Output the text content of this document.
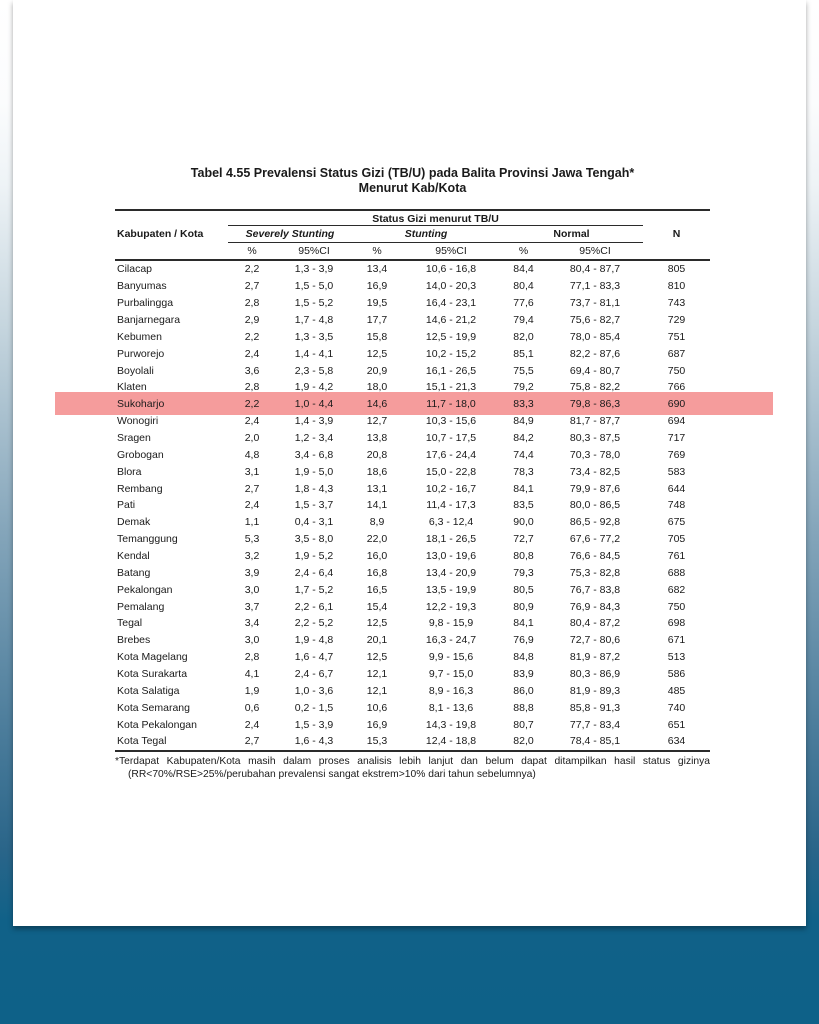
Tabel 4.55 Prevalensi Status Gizi (TB/U) pada Balita Provinsi Jawa Tengah*
Menurut Kab/Kota
Status Gizi menurut TB/U
Kabupaten / Kota	Severely Stunting	Stunting	Normal	N
%	95%CI	%	95%CI	%	95%CI
Cilacap	2,2	1,3 - 3,9	13,4	10,6 - 16,8	84,4	80,4 - 87,7	805
Banyumas	2,7	1,5 - 5,0	16,9	14,0 - 20,3	80,4	77,1 - 83,3	810
Purbalingga	2,8	1,5 - 5,2	19,5	16,4 - 23,1	77,6	73,7 - 81,1	743
Banjarnegara	2,9	1,7 - 4,8	17,7	14,6 - 21,2	79,4	75,6 - 82,7	729
Kebumen	2,2	1,3 - 3,5	15,8	12,5 - 19,9	82,0	78,0 - 85,4	751
Purworejo	2,4	1,4 - 4,1	12,5	10,2 - 15,2	85,1	82,2 - 87,6	687
Boyolali	3,6	2,3 - 5,8	20,9	16,1 - 26,5	75,5	69,4 - 80,7	750
Klaten	2,8	1,9 - 4,2	18,0	15,1 - 21,3	79,2	75,8 - 82,2	766
Sukoharjo	2,2	1,0 - 4,4	14,6	11,7 - 18,0	83,3	79,8 - 86,3	690
Wonogiri	2,4	1,4 - 3,9	12,7	10,3 - 15,6	84,9	81,7 - 87,7	694
Sragen	2,0	1,2 - 3,4	13,8	10,7 - 17,5	84,2	80,3 - 87,5	717
Grobogan	4,8	3,4 - 6,8	20,8	17,6 - 24,4	74,4	70,3 - 78,0	769
Blora	3,1	1,9 - 5,0	18,6	15,0 - 22,8	78,3	73,4 - 82,5	583
Rembang	2,7	1,8 - 4,3	13,1	10,2 - 16,7	84,1	79,9 - 87,6	644
Pati	2,4	1,5 - 3,7	14,1	11,4 - 17,3	83,5	80,0 - 86,5	748
Demak	1,1	0,4 - 3,1	8,9	6,3 - 12,4	90,0	86,5 - 92,8	675
Temanggung	5,3	3,5 - 8,0	22,0	18,1 - 26,5	72,7	67,6 - 77,2	705
Kendal	3,2	1,9 - 5,2	16,0	13,0 - 19,6	80,8	76,6 - 84,5	761
Batang	3,9	2,4 - 6,4	16,8	13,4 - 20,9	79,3	75,3 - 82,8	688
Pekalongan	3,0	1,7 - 5,2	16,5	13,5 - 19,9	80,5	76,7 - 83,8	682
Pemalang	3,7	2,2 - 6,1	15,4	12,2 - 19,3	80,9	76,9 - 84,3	750
Tegal	3,4	2,2 - 5,2	12,5	9,8 - 15,9	84,1	80,4 - 87,2	698
Brebes	3,0	1,9 - 4,8	20,1	16,3 - 24,7	76,9	72,7 - 80,6	671
Kota Magelang	2,8	1,6 - 4,7	12,5	9,9 - 15,6	84,8	81,9 - 87,2	513
Kota Surakarta	4,1	2,4 - 6,7	12,1	9,7 - 15,0	83,9	80,3 - 86,9	586
Kota Salatiga	1,9	1,0 - 3,6	12,1	8,9 - 16,3	86,0	81,9 - 89,3	485
Kota Semarang	0,6	0,2 - 1,5	10,6	8,1 - 13,6	88,8	85,8 - 91,3	740
Kota Pekalongan	2,4	1,5 - 3,9	16,9	14,3 - 19,8	80,7	77,7 - 83,4	651
Kota Tegal	2,7	1,6 - 4,3	15,3	12,4 - 18,8	82,0	78,4 - 85,1	634
*Terdapat Kabupaten/Kota masih dalam proses analisis lebih lanjut dan belum dapat ditampilkan hasil status gizinya
(RR<70%/RSE>25%/perubahan prevalensi sangat ekstrem>10% dari tahun sebelumnya)
